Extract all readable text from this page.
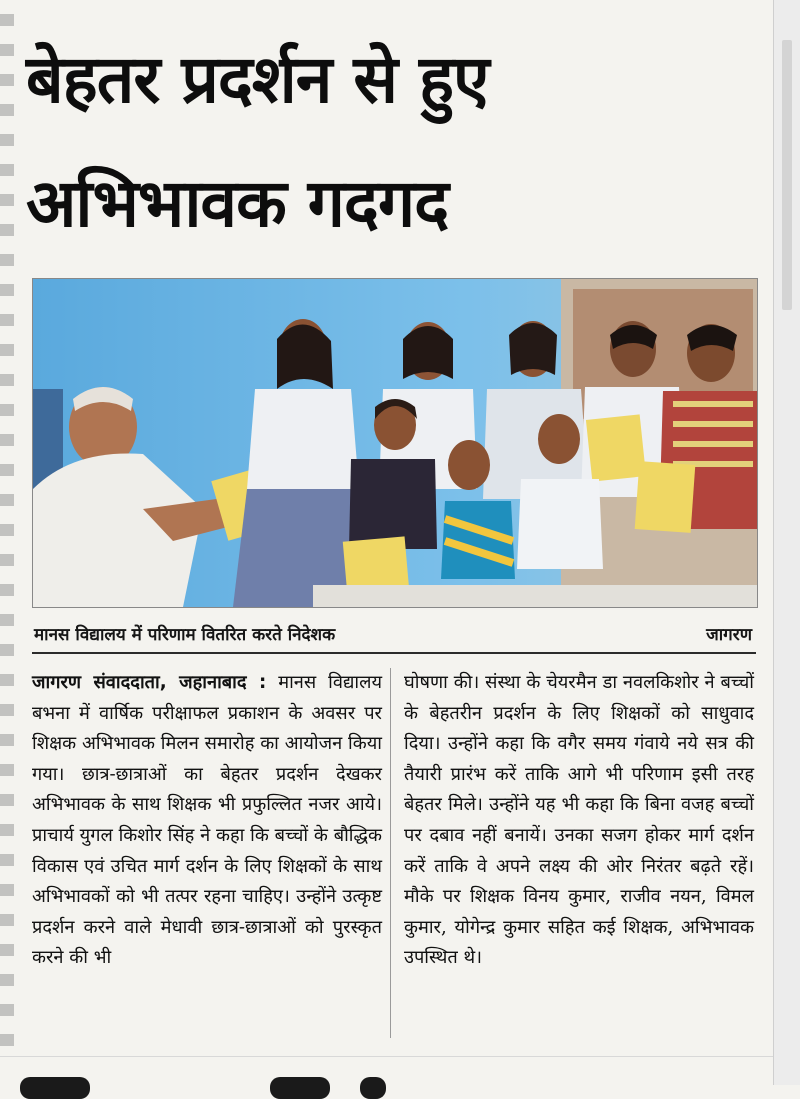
बेहतर प्रदर्शन से हुए अभिभावक गदगद
मानस विद्यालय में परिणाम वितरित करते निदेशक	जागरण
जागरण संवाददाता, जहानाबाद : मानस विद्यालय बभना में वार्षिक परीक्षाफल प्रकाशन के अवसर पर शिक्षक अभिभावक मिलन समारोह का आयोजन किया गया। छात्र-छात्राओं का बेहतर प्रदर्शन देखकर अभिभावक के साथ शिक्षक भी प्रफुल्लित नजर आये। प्राचार्य युगल किशोर सिंह ने कहा कि बच्चों के बौद्धिक विकास एवं उचित मार्ग दर्शन के लिए शिक्षकों के साथ अभिभावकों को भी तत्पर रहना चाहिए। उन्होंने उत्कृष्ट प्रदर्शन करने वाले मेधावी छात्र-छात्राओं को पुरस्कृत करने की भी
घोषणा की। संस्था के चेयरमैन डा नवलकिशोर ने बच्चों के बेहतरीन प्रदर्शन के लिए शिक्षकों को साधुवाद दिया। उन्होंने कहा कि वगैर समय गंवाये नये सत्र की तैयारी प्रारंभ करें ताकि आगे भी परिणाम इसी तरह बेहतर मिले। उन्होंने यह भी कहा कि बिना वजह बच्चों पर दबाव नहीं बनायें। उनका सजग होकर मार्ग दर्शन करें ताकि वे अपने लक्ष्य की ओर निरंतर बढ़ते रहें। मौके पर शिक्षक विनय कुमार, राजीव नयन, विमल कुमार, योगेन्द्र कुमार सहित कई शिक्षक, अभिभावक उपस्थित थे।
